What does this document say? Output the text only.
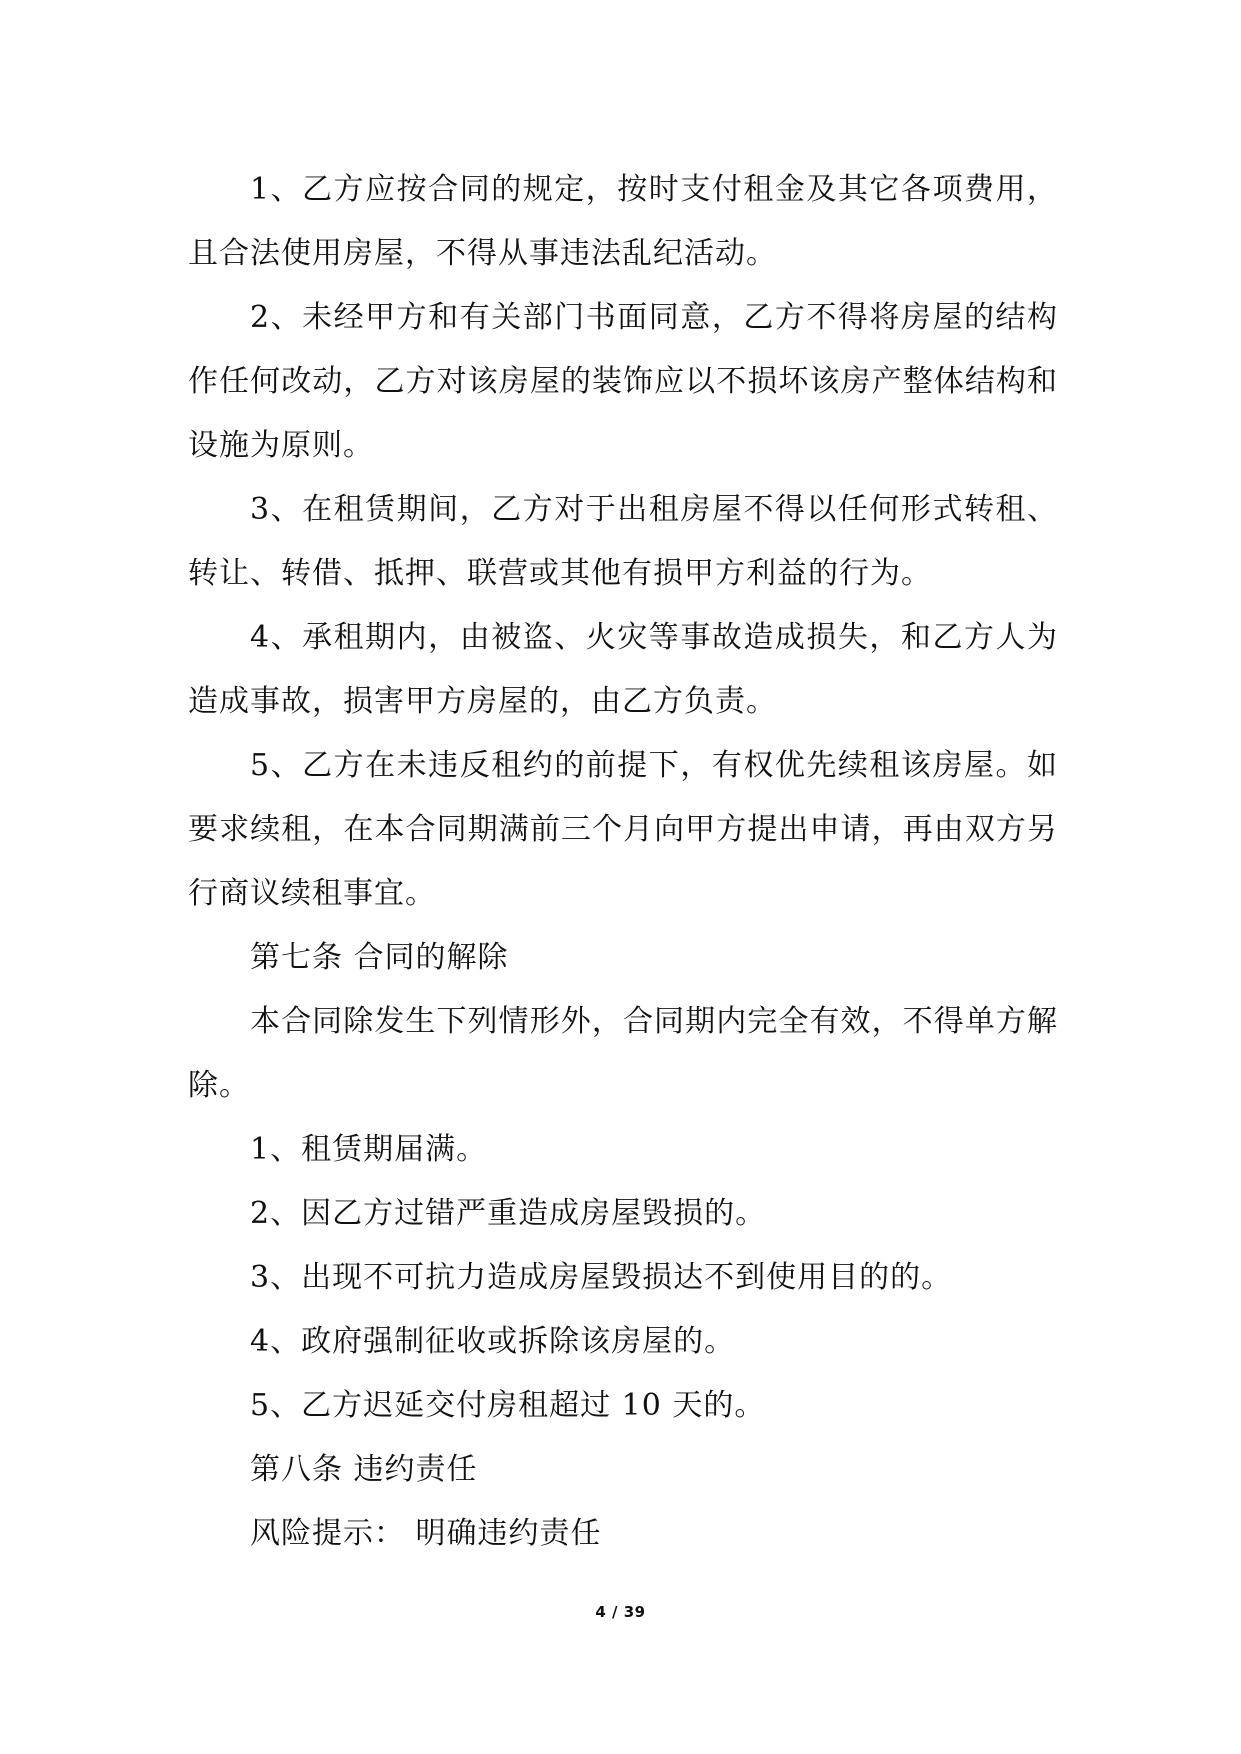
1、乙方应按合同的规定，按时支付租金及其它各项费用，且合法使用房屋，不得从事违法乱纪活动。

2、未经甲方和有关部门书面同意，乙方不得将房屋的结构作任何改动，乙方对该房屋的装饰应以不损坏该房产整体结构和设施为原则。

3、在租赁期间，乙方对于出租房屋不得以任何形式转租、转让、转借、抵押、联营或其他有损甲方利益的行为。

4、承租期内，由被盗、火灾等事故造成损失，和乙方人为造成事故，损害甲方房屋的，由乙方负责。

5、乙方在未违反租约的前提下，有权优先续租该房屋。如要求续租，在本合同期满前三个月向甲方提出申请，再由双方另行商议续租事宜。

第七条 合同的解除

本合同除发生下列情形外，合同期内完全有效，不得单方解除。

1、租赁期届满。

2、因乙方过错严重造成房屋毁损的。

3、出现不可抗力造成房屋毁损达不到使用目的的。

4、政府强制征收或拆除该房屋的。

5、乙方迟延交付房租超过 10 天的。

第八条 违约责任

风险提示： 明确违约责任

4 / 39
